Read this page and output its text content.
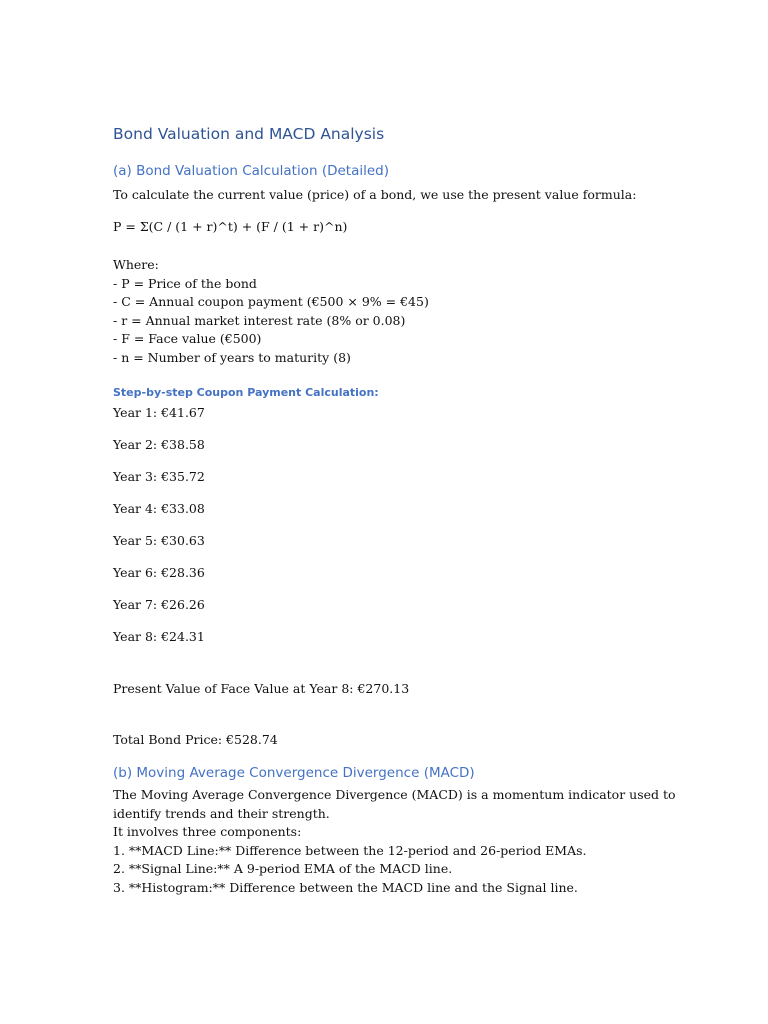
Bond Valuation and MACD Analysis
(a) Bond Valuation Calculation (Detailed)

To calculate the current value (price) of a bond, we use the present value formula:

P = Σ(C / (1 + r)^t) + (F / (1 + r)^n)

Where:
- P = Price of the bond
- C = Annual coupon payment (€500 × 9% = €45)
- r = Annual market interest rate (8% or 0.08)
- F = Face value (€500)
- n = Number of years to maturity (8)
Step-by-step Coupon Payment Calculation:

Year 1: €41.67

Year 2: €38.58

Year 3: €35.72

Year 4: €33.08

Year 5: €30.63

Year 6: €28.36

Year 7: €26.26

Year 8: €24.31

Present Value of Face Value at Year 8: €270.13

Total Bond Price: €528.74

(b) Moving Average Convergence Divergence (MACD)
The Moving Average Convergence Divergence (MACD) is a momentum indicator used to
identify trends and their strength.
It involves three components:
1. **MACD Line:** Difference between the 12-period and 26-period EMAs.
2. **Signal Line:** A 9-period EMA of the MACD line.
3. **Histogram:** Difference between the MACD line and the Signal line.
